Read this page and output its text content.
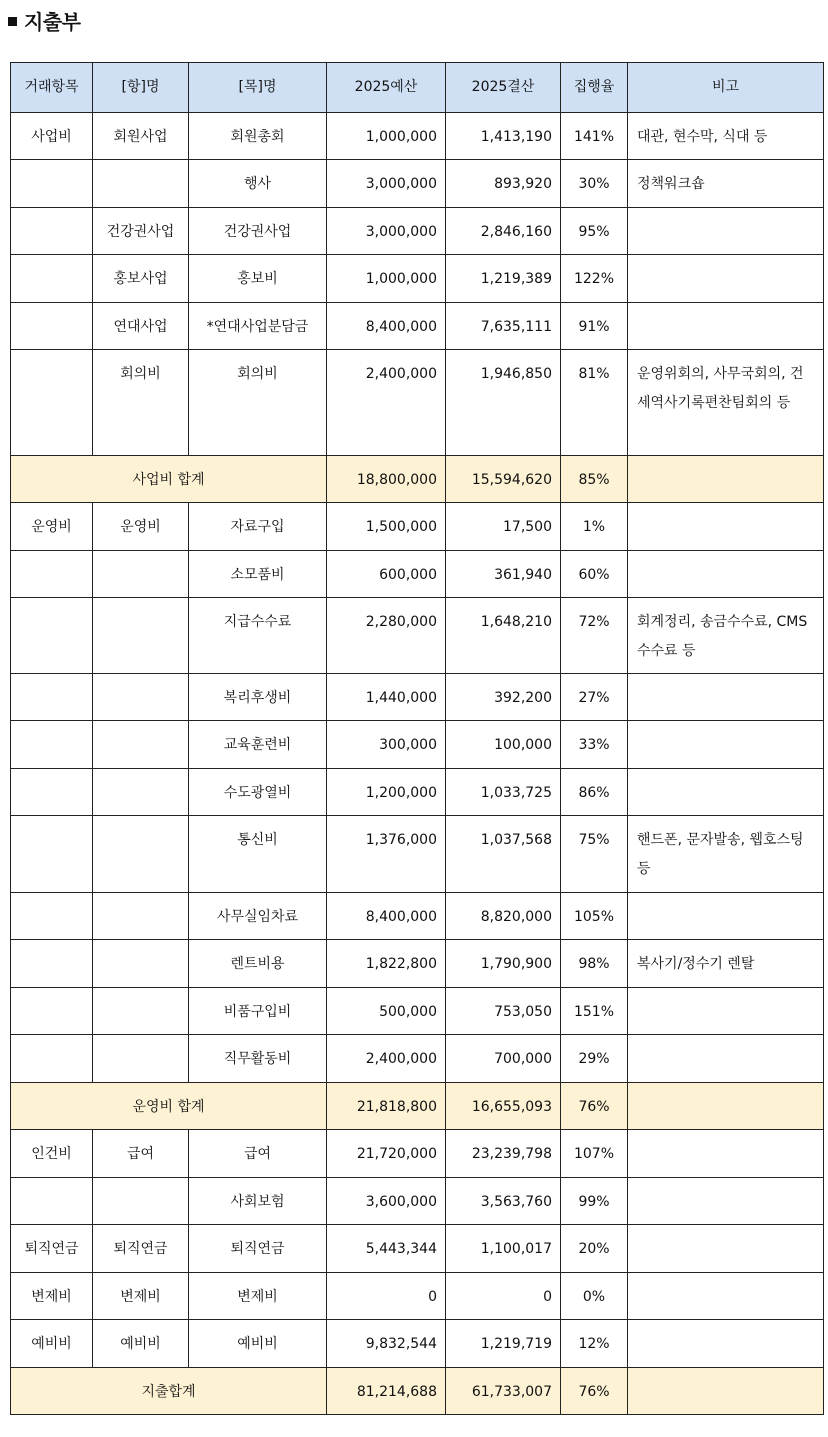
지출부
거래항목	[항]명	[목]명	2025예산	2025결산	집행율	비고
사업비	회원사업	회원총회	1,000,000	1,413,190	141%	대관, 현수막, 식대 등
		행사	3,000,000	893,920	30%	정책워크숍
	건강권사업	건강권사업	3,000,000	2,846,160	95%	
	홍보사업	홍보비	1,000,000	1,219,389	122%	
	연대사업	*연대사업분담금	8,400,000	7,635,111	91%	
	회의비	회의비	2,400,000	1,946,850	81%	운영위회의, 사무국회의, 건세역사기록편찬팀회의 등
사업비 합계			18,800,000	15,594,620	85%	
운영비	운영비	자료구입	1,500,000	17,500	1%	
		소모품비	600,000	361,940	60%	
		지급수수료	2,280,000	1,648,210	72%	회계정리, 송금수수료, CMS수수료 등
		복리후생비	1,440,000	392,200	27%	
		교육훈련비	300,000	100,000	33%	
		수도광열비	1,200,000	1,033,725	86%	
		통신비	1,376,000	1,037,568	75%	핸드폰, 문자발송, 웹호스팅 등
		사무실임차료	8,400,000	8,820,000	105%	
		렌트비용	1,822,800	1,790,900	98%	복사기/정수기 렌탈
		비품구입비	500,000	753,050	151%	
		직무활동비	2,400,000	700,000	29%	
운영비 합계			21,818,800	16,655,093	76%	
인건비	급여	급여	21,720,000	23,239,798	107%	
		사회보험	3,600,000	3,563,760	99%	
퇴직연금	퇴직연금	퇴직연금	5,443,344	1,100,017	20%	
변제비	변제비	변제비	0	0	0%	
예비비	예비비	예비비	9,832,544	1,219,719	12%	
지출합계			81,214,688	61,733,007	76%	
